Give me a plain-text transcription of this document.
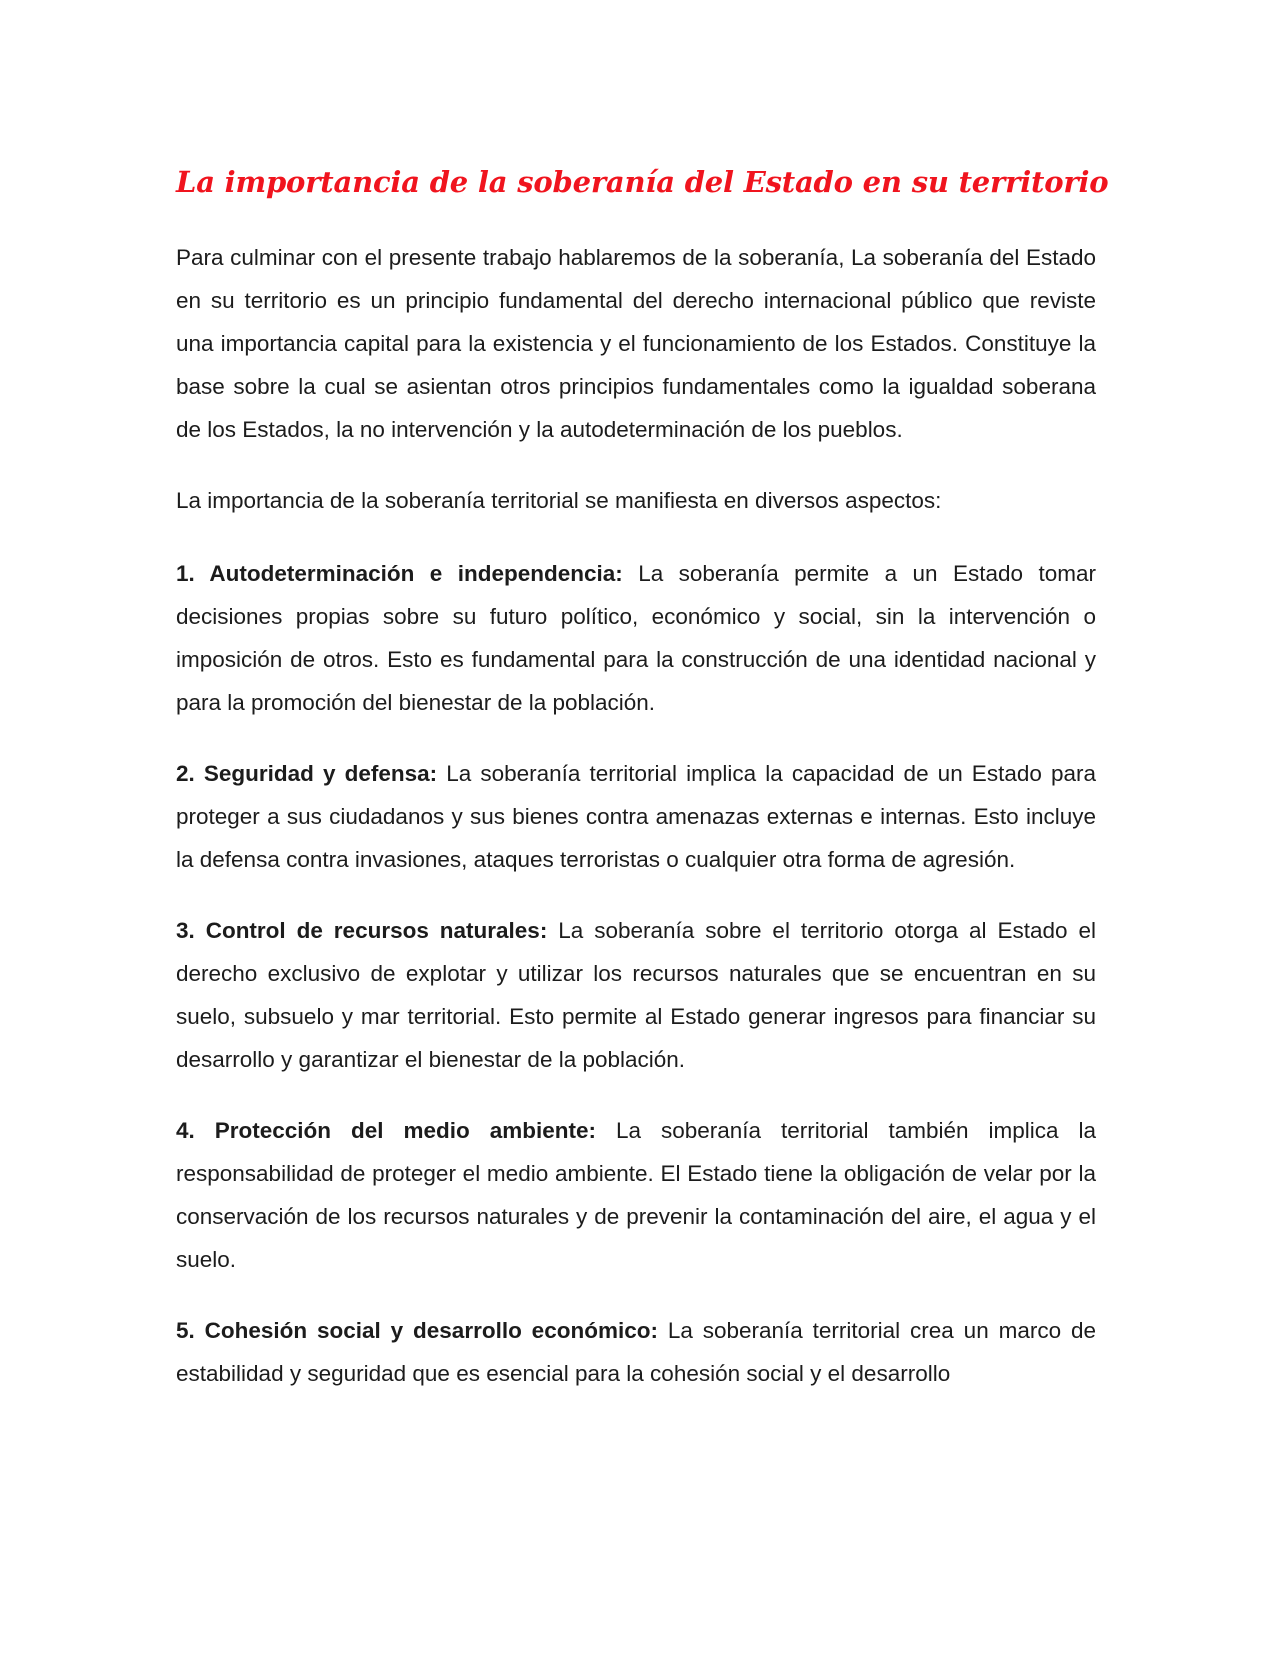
La importancia de la soberanía del Estado en su territorio

Para culminar con el presente trabajo hablaremos de la soberanía, La soberanía del Estado en su territorio es un principio fundamental del derecho internacional público que reviste una importancia capital para la existencia y el funcionamiento de los Estados. Constituye la base sobre la cual se asientan otros principios fundamentales como la igualdad soberana de los Estados, la no intervención y la autodeterminación de los pueblos.

La importancia de la soberanía territorial se manifiesta en diversos aspectos:

1. Autodeterminación e independencia: La soberanía permite a un Estado tomar decisiones propias sobre su futuro político, económico y social, sin la intervención o imposición de otros. Esto es fundamental para la construcción de una identidad nacional y para la promoción del bienestar de la población.

2. Seguridad y defensa: La soberanía territorial implica la capacidad de un Estado para proteger a sus ciudadanos y sus bienes contra amenazas externas e internas. Esto incluye la defensa contra invasiones, ataques terroristas o cualquier otra forma de agresión.

3. Control de recursos naturales: La soberanía sobre el territorio otorga al Estado el derecho exclusivo de explotar y utilizar los recursos naturales que se encuentran en su suelo, subsuelo y mar territorial. Esto permite al Estado generar ingresos para financiar su desarrollo y garantizar el bienestar de la población.

4. Protección del medio ambiente: La soberanía territorial también implica la responsabilidad de proteger el medio ambiente. El Estado tiene la obligación de velar por la conservación de los recursos naturales y de prevenir la contaminación del aire, el agua y el suelo.

5. Cohesión social y desarrollo económico: La soberanía territorial crea un marco de estabilidad y seguridad que es esencial para la cohesión social y el desarrollo
